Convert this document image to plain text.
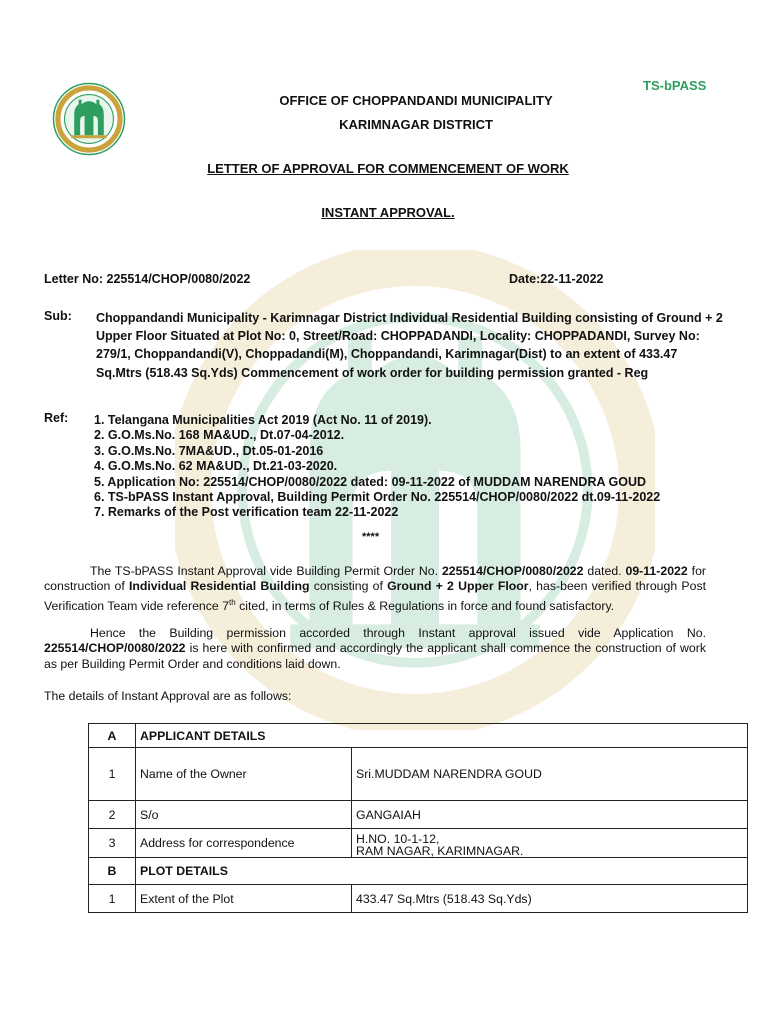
TS-bPASS
OFFICE OF CHOPPANDANDI MUNICIPALITY
KARIMNAGAR DISTRICT
LETTER OF APPROVAL FOR COMMENCEMENT OF WORK
INSTANT APPROVAL.
Letter No: 225514/CHOP/0080/2022	Date:22-11-2022
Sub: Choppandandi Municipality - Karimnagar District Individual Residential Building consisting of Ground + 2 Upper Floor Situated at Plot No: 0, Street/Road: CHOPPADANDI, Locality: CHOPPADANDI, Survey No: 279/1, Choppandandi(V), Choppadandi(M), Choppandandi, Karimnagar(Dist) to an extent of 433.47 Sq.Mtrs (518.43 Sq.Yds) Commencement of work order for building permission granted - Reg
Ref: 1. Telangana Municipalities Act 2019 (Act No. 11 of 2019).
2. G.O.Ms.No. 168 MA&UD., Dt.07-04-2012.
3. G.O.Ms.No. 7MA&UD., Dt.05-01-2016
4. G.O.Ms.No. 62 MA&UD., Dt.21-03-2020.
5. Application No: 225514/CHOP/0080/2022 dated: 09-11-2022 of MUDDAM NARENDRA GOUD
6. TS-bPASS Instant Approval, Building Permit Order No. 225514/CHOP/0080/2022 dt.09-11-2022
7. Remarks of the Post verification team 22-11-2022
****
The TS-bPASS Instant Approval vide Building Permit Order No. 225514/CHOP/0080/2022 dated. 09-11-2022 for construction of Individual Residential Building consisting of Ground + 2 Upper Floor, has-been verified through Post Verification Team vide reference 7th cited, in terms of Rules & Regulations in force and found satisfactory.
Hence the Building permission accorded through Instant approval issued vide Application No. 225514/CHOP/0080/2022 is here with confirmed and accordingly the applicant shall commence the construction of work as per Building Permit Order and conditions laid down.
The details of Instant Approval are as follows:
A	APPLICANT DETAILS	
1	Name of the Owner	Sri.MUDDAM NARENDRA GOUD
2	S/o	GANGAIAH
3	Address for correspondence	H.NO. 10-1-12,
RAM NAGAR, KARIMNAGAR.

B	PLOT DETAILS	
1	Extent of the Plot	433.47 Sq.Mtrs (518.43 Sq.Yds)
